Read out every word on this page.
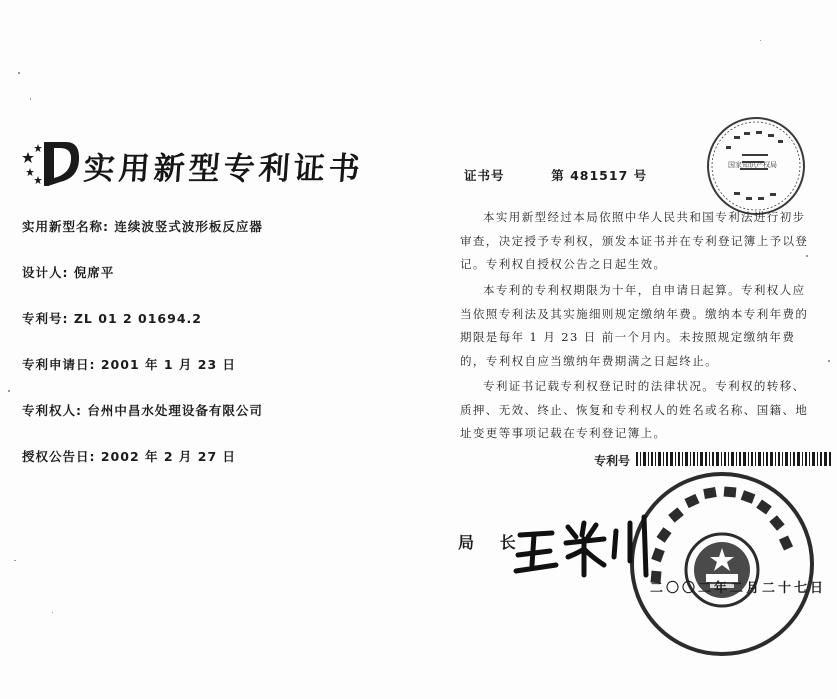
实用新型专利证书
实用新型名称: 连续波竖式波形板反应器
设计人: 倪席平
专利号: ZL 01 2 01694.2
专利申请日: 2001 年 1 月 23 日
专利权人: 台州中昌水处理设备有限公司
授权公告日: 2002 年 2 月 27 日
国家知识产权局
证书号	第 481517 号
本实用新型经过本局依照中华人民共和国专利法进行初步审查，决定授予专利权，颁发本证书并在专利登记簿上予以登记。专利权自授权公告之日起生效。
本专利的专利权期限为十年，自申请日起算。专利权人应当依照专利法及其实施细则规定缴纳年费。缴纳本专利年费的期限是每年 1 月 23 日 前一个月内。未按照规定缴纳年费的，专利权自应当缴纳年费期满之日起终止。
专利证书记载专利权登记时的法律状况。专利权的转移、质押、无效、终止、恢复和专利权人的姓名或名称、国籍、地址变更等事项记载在专利登记簿上。
专利号
局 长
二〇〇二年二月二十七日
